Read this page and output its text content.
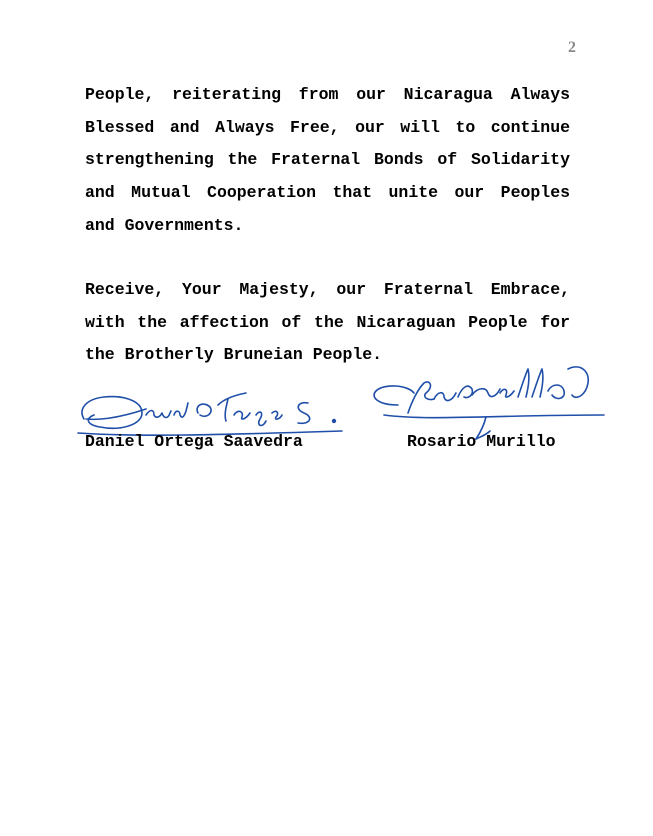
2

People, reiterating from our Nicaragua Always Blessed and Always Free, our will to continue strengthening the Fraternal Bonds of Solidarity and Mutual Cooperation that unite our Peoples and Governments.

Receive, Your Majesty, our Fraternal Embrace, with the affection of the Nicaraguan People for the Brotherly Bruneian People.

Daniel Ortega Saavedra	Rosario Murillo
